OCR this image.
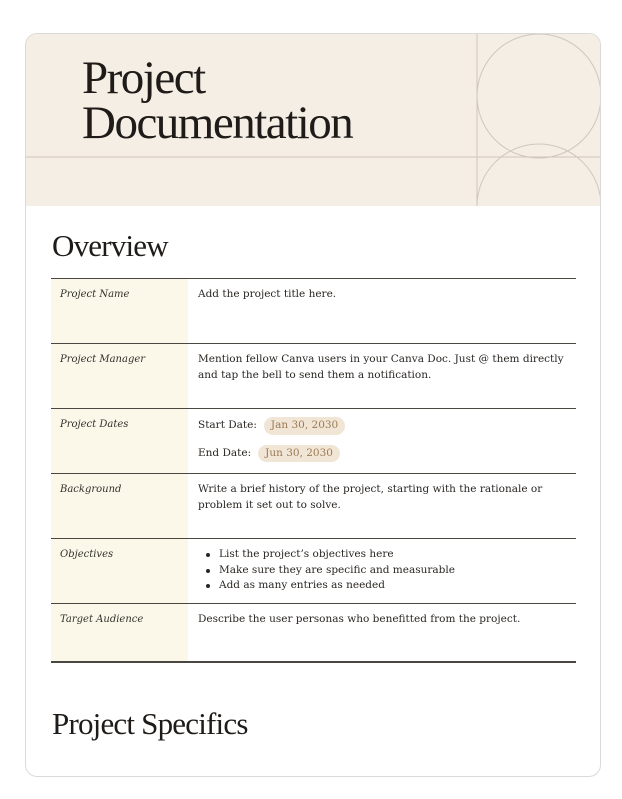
Project
Documentation
Overview
Project Name	Add the project title here.
Project Manager	Mention fellow Canva users in your Canva Doc. Just @ them directly and tap the bell to send them a notification.
Project Dates	Start Date:	Jan 30, 2030
End Date:	Jun 30, 2030
Background	Write a brief history of the project, starting with the rationale or problem it set out to solve.
Objectives	List the project’s objectives here
Make sure they are specific and measurable
Add as many entries as needed
Target Audience	Describe the user personas who benefitted from the project.
Project Specifics
